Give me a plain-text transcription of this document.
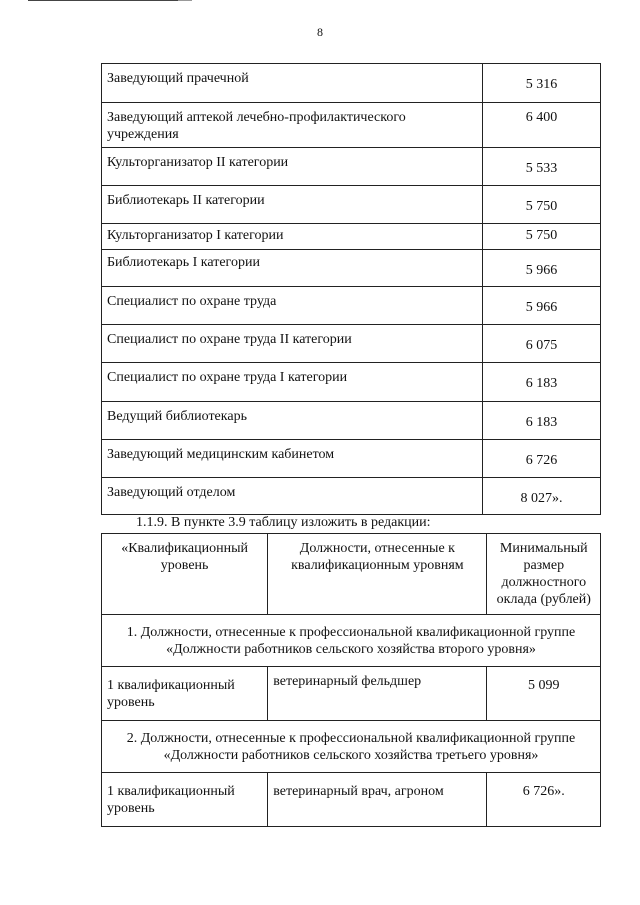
8
Заведующий прачечной	5 316
Заведующий аптекой лечебно-профилактического учреждения	6 400
Культорганизатор II категории	5 533
Библиотекарь II категории	5 750
Культорганизатор I категории	5 750
Библиотекарь I категории	5 966
Специалист по охране труда	5 966
Специалист по охране труда II категории	6 075
Специалист по охране труда I категории	6 183
Ведущий библиотекарь	6 183
Заведующий медицинским кабинетом	6 726
Заведующий отделом	8 027».
1.1.9. В пункте 3.9 таблицу изложить в редакции:
«Квалификационный уровень	Должности, отнесенные к квалификационным уровням	Минимальный размер должностного оклада (рублей)
1. Должности, отнесенные к профессиональной квалификационной группе «Должности работников сельского хозяйства второго уровня»		
1 квалификационный уровень	ветеринарный фельдшер	5 099
2. Должности, отнесенные к профессиональной квалификационной группе «Должности работников сельского хозяйства третьего уровня»		
1 квалификационный уровень	ветеринарный врач, агроном	6 726».
